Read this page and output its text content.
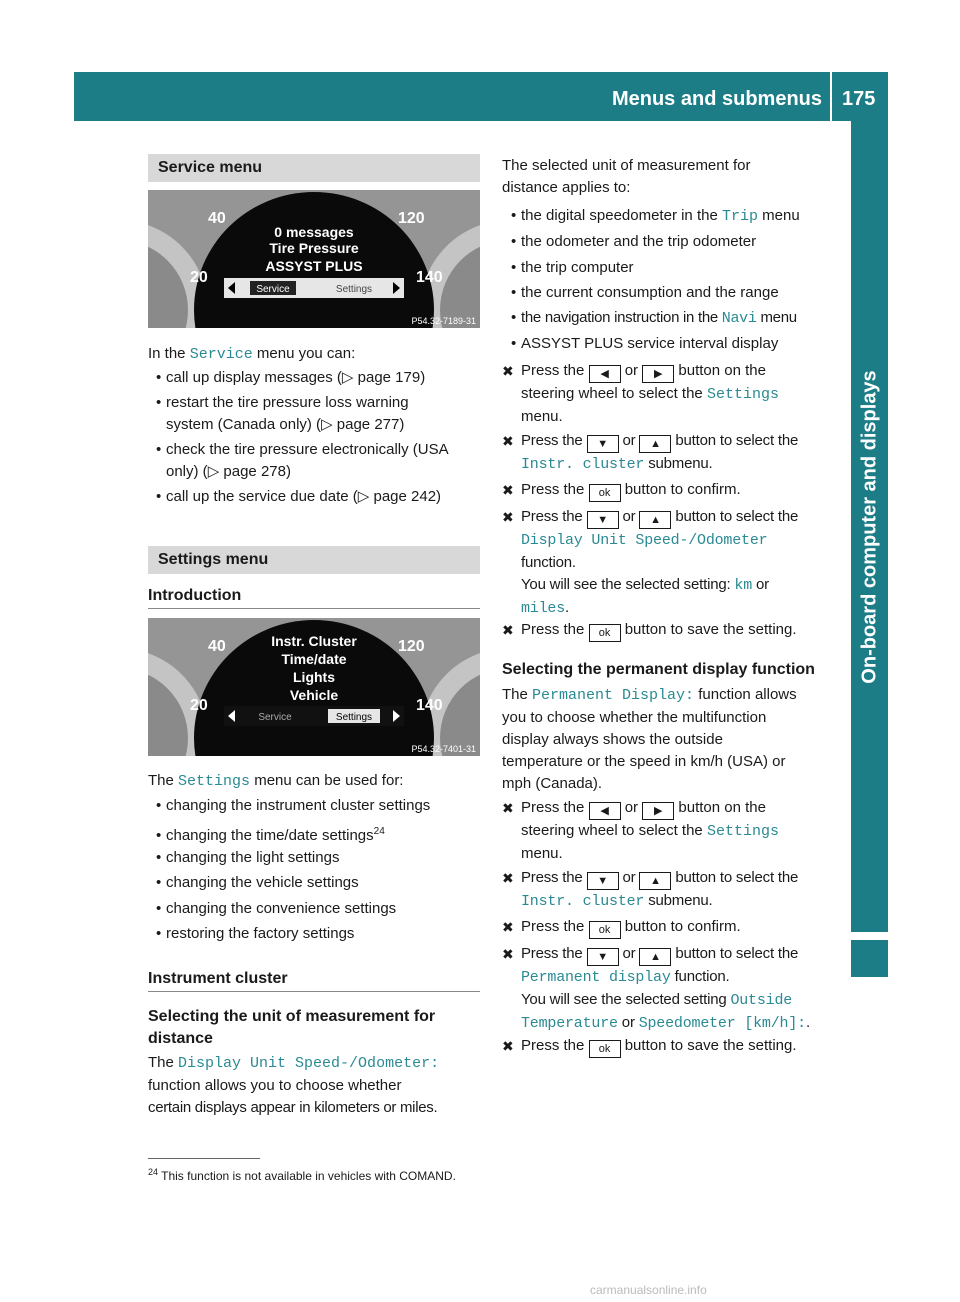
Menus and submenus 175
On-board computer and displays
Service menu
40
20
120
140
0 messages
Tire Pressure
ASSYST PLUS
Service	Settings
P54.32-7189-31
In the Service menu you can:
• call up display messages (▷ page 179)
• restart the tire pressure loss warning
system (Canada only) (▷ page 277)
• check the tire pressure electronically (USA
only) (▷ page 278)
• call up the service due date (▷ page 242)
Settings menu
Introduction
40
20
120
140
Instr. Cluster
Time/date
Lights
Vehicle
Service	Settings
P54.32-7401-31
The Settings menu can be used for:
• changing the instrument cluster settings
• changing the time/date settings$^{24}$
• changing the light settings
• changing the vehicle settings
• changing the convenience settings
• restoring the factory settings
Instrument cluster
Selecting the unit of measurement for
distance
The Display Unit Speed-/Odometer:
function allows you to choose whether
certain displays appear in kilometers or miles.
The selected unit of measurement for
distance applies to:
• the digital speedometer in the Trip menu
• the odometer and the trip odometer
• the trip computer
• the current consumption and the range
• the navigation instruction in the Navi menu
• ASSYST PLUS service interval display
✖ Press the ◀ or ▶ button on the
steering wheel to select the Settings
menu.
✖ Press the ▼ or ▲ button to select the
Instr. cluster submenu.
✖ Press the ok button to confirm.
✖ Press the ▼ or ▲ button to select the
Display Unit Speed-/Odometer
function.
You will see the selected setting: km or
miles.
✖ Press the ok button to save the setting.
Selecting the permanent display function
The Permanent Display: function allows
you to choose whether the multifunction
display always shows the outside
temperature or the speed in km/h (USA) or
mph (Canada).
✖ Press the ◀ or ▶ button on the
steering wheel to select the Settings
menu.
✖ Press the ▼ or ▲ button to select the
Instr. cluster submenu.
✖ Press the ok button to confirm.
✖ Press the ▼ or ▲ button to select the
Permanent display function.
You will see the selected setting Outside
Temperature or Speedometer [km/h]:.
✖ Press the ok button to save the setting.
$^{24}$ This function is not available in vehicles with COMAND.
carmanualsonline.info
